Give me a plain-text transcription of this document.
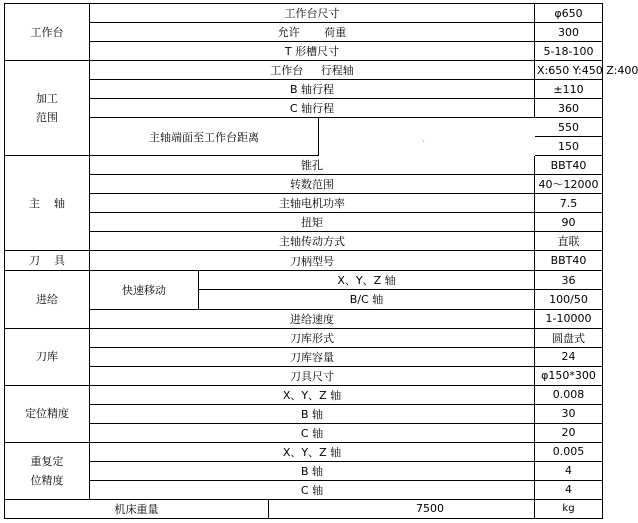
工作台	工作台尺寸				φ650	
	允许       荷重				300	
	T 形槽尺寸				5-18-100	

加工
范围	工作台     行程轴				X:650 Y:450 Z:400	
	B 轴行程				±110	
	C 轴行程				360	
	主轴端面至工作台距离			、	550	
					150	
主    轴	锥孔				BBT40	
	转数范围				40～12000	
	主轴电机功率				7.5	
	扭矩				90	
	主轴传动方式				直联	
刀    具	刀柄型号				BBT40	
进给	快速移动	X、Y、Z 轴			36	
		B/C 轴			100/50	
	进给速度				1-10000	
刀库	刀库形式				圆盘式	
	刀库容量				24	
	刀具尺寸				φ150*300	
定位精度	X、Y、Z 轴				0.008	
	B 轴				30	
	C 轴				20	

重复定
位精度	X、Y、Z 轴				0.005	
	B 轴				4	
	C 轴				4	
机床重量			7500		kg	
